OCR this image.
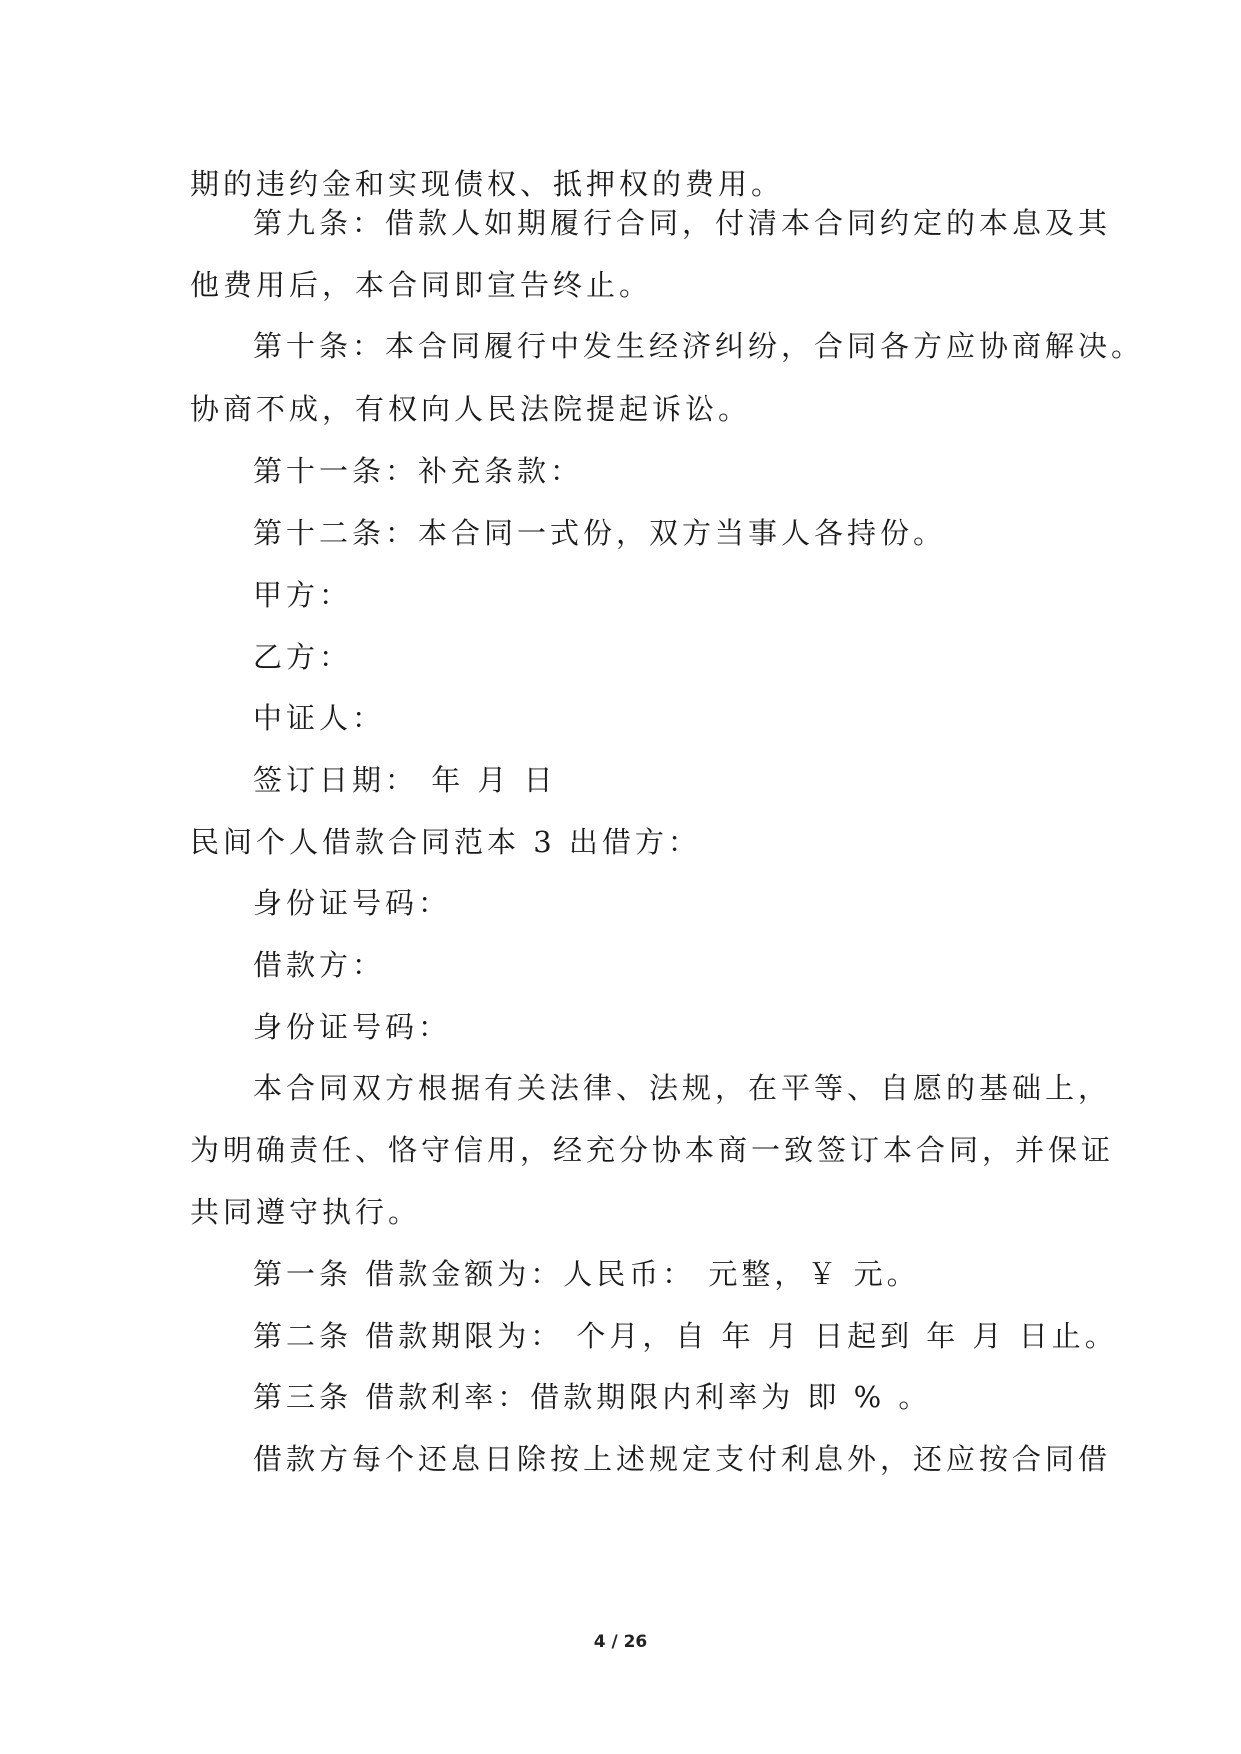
期的违约金和实现债权、抵押权的费用。
第九条：借款人如期履行合同，付清本合同约定的本息及其
他费用后，本合同即宣告终止。
第十条：本合同履行中发生经济纠纷，合同各方应协商解决。
协商不成，有权向人民法院提起诉讼。
第十一条：补充条款：
第十二条：本合同一式份，双方当事人各持份。
甲方：
乙方：
中证人：
签订日期： 年 月 日
民间个人借款合同范本 3 出借方：
身份证号码：
借款方：
身份证号码：
本合同双方根据有关法律、法规，在平等、自愿的基础上，
为明确责任、恪守信用，经充分协本商一致签订本合同，并保证
共同遵守执行。
第一条 借款金额为：人民币： 元整，￥ 元。
第二条 借款期限为： 个月，自 年 月 日起到 年 月 日止。
第三条 借款利率：借款期限内利率为 即 % 。
借款方每个还息日除按上述规定支付利息外，还应按合同借
4 / 26
